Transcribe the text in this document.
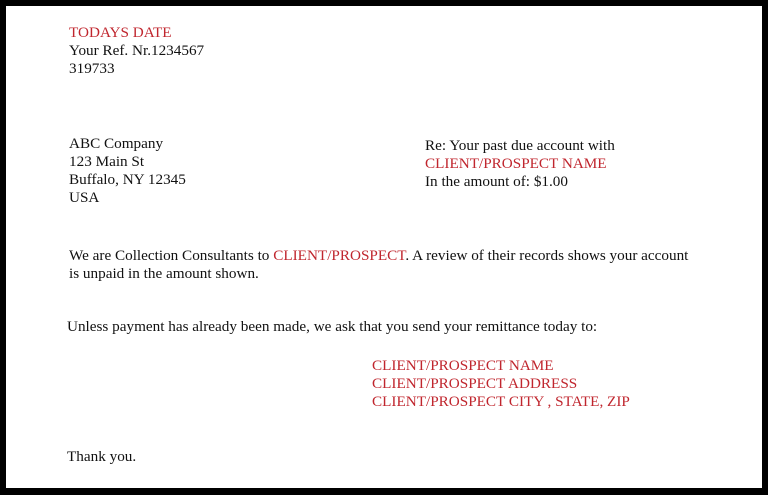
TODAYS DATE
Your Ref. Nr.1234567
319733
ABC Company
123 Main St
Buffalo, NY 12345
USA
Re: Your past due account with
CLIENT/PROSPECT NAME
In the amount of: $1.00
We are Collection Consultants to CLIENT/PROSPECT. A review of their records shows your account
is unpaid in the amount shown.
Unless payment has already been made, we ask that you send your remittance today to:
CLIENT/PROSPECT NAME
CLIENT/PROSPECT ADDRESS
CLIENT/PROSPECT CITY , STATE, ZIP
Thank you.
